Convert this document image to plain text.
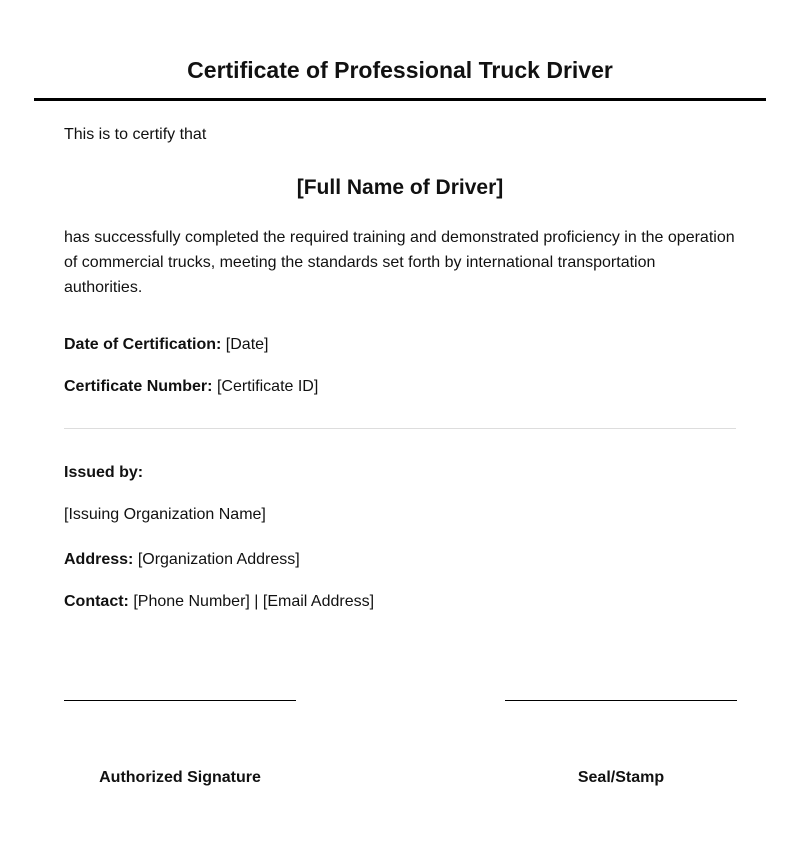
Certificate of Professional Truck Driver
This is to certify that
[Full Name of Driver]
has successfully completed the required training and demonstrated proficiency in the operation of commercial trucks, meeting the standards set forth by international transportation authorities.
Date of Certification: [Date]
Certificate Number: [Certificate ID]
Issued by:
[Issuing Organization Name]
Address: [Organization Address]
Contact: [Phone Number] | [Email Address]
Authorized Signature	Seal/Stamp
